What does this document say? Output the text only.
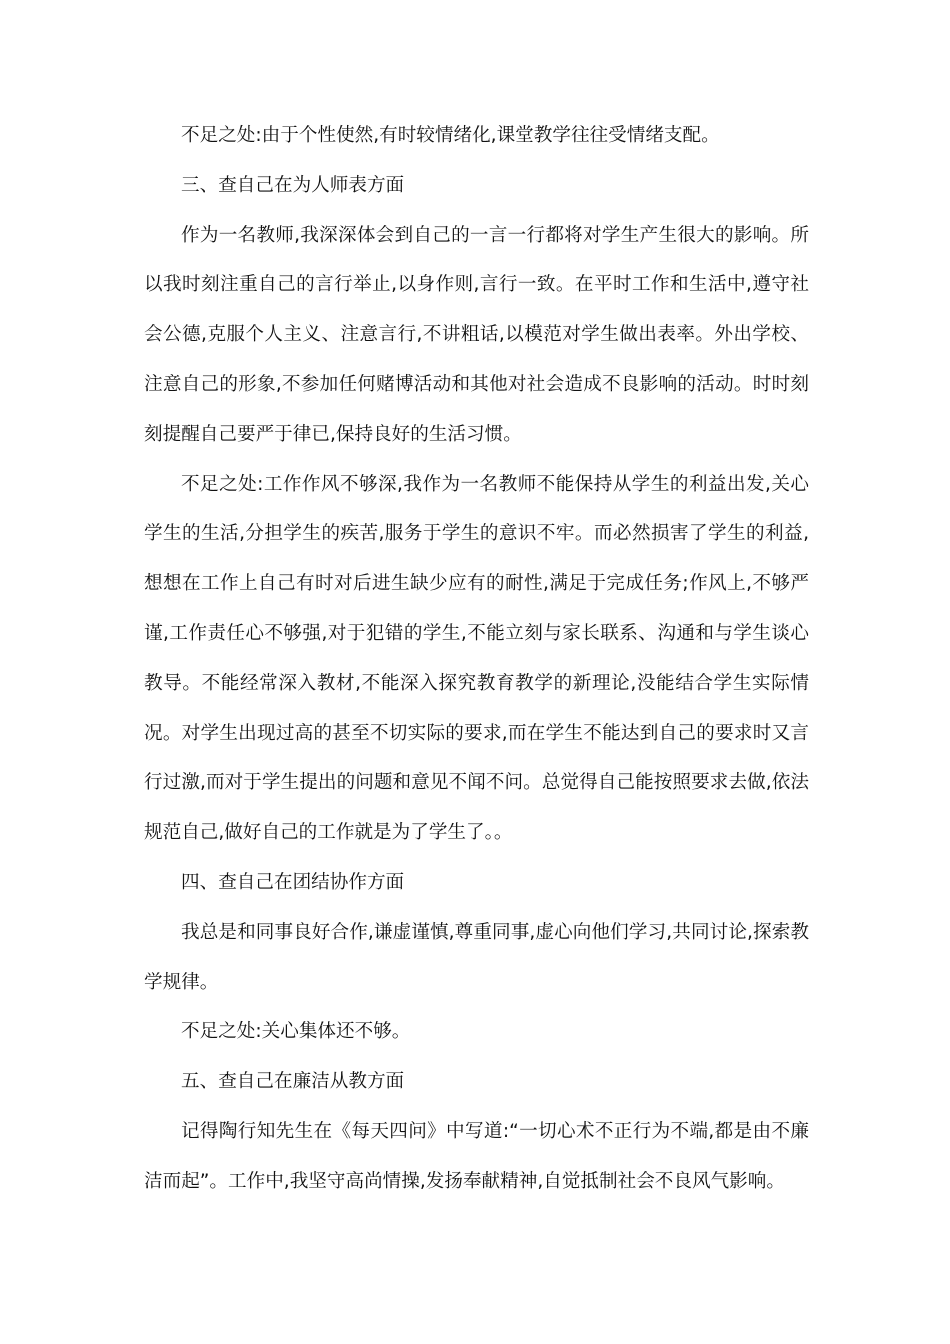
不足之处:由于个性使然,有时较情绪化,课堂教学往往受情绪支配。

三、查自己在为人师表方面

作为一名教师,我深深体会到自己的一言一行都将对学生产生很大的影响。所以我时刻注重自己的言行举止,以身作则,言行一致。在平时工作和生活中,遵守社会公德,克服个人主义、注意言行,不讲粗话,以模范对学生做出表率。外出学校、注意自己的形象,不参加任何赌博活动和其他对社会造成不良影响的活动。时时刻刻提醒自己要严于律已,保持良好的生活习惯。

不足之处:工作作风不够深,我作为一名教师不能保持从学生的利益出发,关心学生的生活,分担学生的疾苦,服务于学生的意识不牢。而必然损害了学生的利益,想想在工作上自己有时对后进生缺少应有的耐性,满足于完成任务;作风上,不够严谨,工作责任心不够强,对于犯错的学生,不能立刻与家长联系、沟通和与学生谈心教导。不能经常深入教材,不能深入探究教育教学的新理论,没能结合学生实际情况。对学生出现过高的甚至不切实际的要求,而在学生不能达到自己的要求时又言行过激,而对于学生提出的问题和意见不闻不问。总觉得自己能按照要求去做,依法规范自己,做好自己的工作就是为了学生了。。

四、查自己在团结协作方面

我总是和同事良好合作,谦虚谨慎,尊重同事,虚心向他们学习,共同讨论,探索教学规律。

不足之处:关心集体还不够。

五、查自己在廉洁从教方面

记得陶行知先生在《每天四问》中写道:“一切心术不正行为不端,都是由不廉洁而起”。工作中,我坚守高尚情操,发扬奉献精神,自觉抵制社会不良风气影响。
